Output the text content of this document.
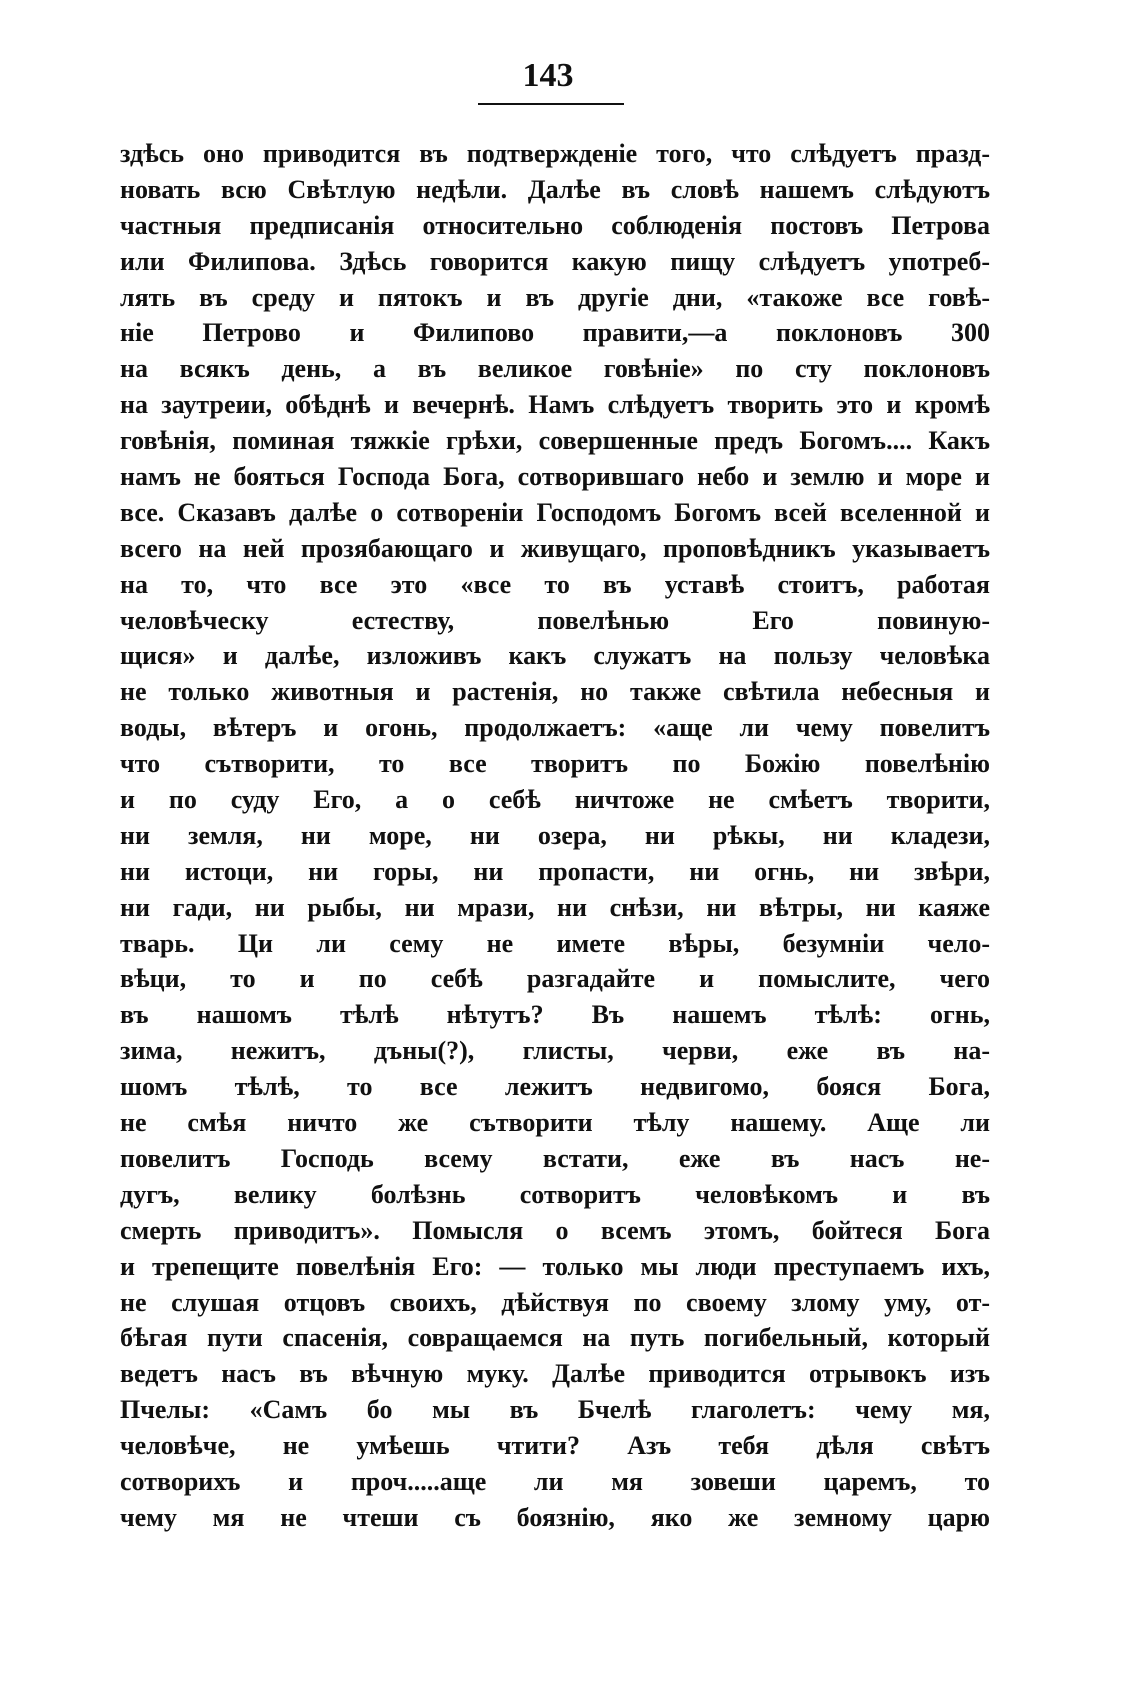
143
здѣсь оно приводится въ подтвержденіе того, что слѣдуетъ празд-
новать всю Свѣтлую недѣли. Далѣе въ словѣ нашемъ слѣдуютъ
частныя предписанія относительно соблюденія постовъ Петрова
или Филипова. Здѣсь говорится какую пищу слѣдуетъ употреб-
лять въ среду и пятокъ и въ другіе дни, «такоже все говѣ-
ніе Петрово и Филипово правити,—а поклоновъ 300
на всякъ день, а въ великое говѣніе» по сту поклоновъ
на заутреии, обѣднѣ и вечернѣ. Намъ слѣдуетъ творить это и кромѣ
говѣнія, поминая тяжкіе грѣхи, совершенные предъ Богомъ.... Какъ
намъ не бояться Господа Бога, сотворившаго небо и землю и море и
все. Сказавъ далѣе о сотвореніи Господомъ Богомъ всей вселенной и
всего на ней прозябающаго и живущаго, проповѣдникъ указываетъ
на то, что все это «все то въ уставѣ стоитъ, работая
человѣческу естеству, повелѣнью Его повиную-
щися» и далѣе, изложивъ какъ служатъ на пользу человѣка
не только животныя и растенія, но также свѣтила небесныя и
воды, вѣтеръ и огонь, продолжаетъ: «аще ли чему повелитъ
что сътворити, то все творитъ по Божію повелѣнію
и по суду Его, а о себѣ ничтоже не смѣетъ творити,
ни земля, ни море, ни озера, ни рѣкы, ни кладези,
ни истоци, ни горы, ни пропасти, ни огнь, ни звѣри,
ни гади, ни рыбы, ни мрази, ни снѣзи, ни вѣтры, ни каяже
тварь. Ци ли сему не имете вѣры, безумніи чело-
вѣци, то и по себѣ разгадайте и помыслите, чего
въ нашомъ тѣлѣ нѣтутъ? Въ нашемъ тѣлѣ: огнь,
зима, нежитъ, дъны(?), глисты, черви, еже въ на-
шомъ тѣлѣ, то все лежитъ недвигомо, бояся Бога,
не смѣя ничто же сътворити тѣлу нашему. Аще ли
повелитъ Господь всему встати, еже въ насъ не-
дугъ, велику болѣзнь сотворитъ человѣкомъ и въ
смерть приводитъ». Помысля о всемъ этомъ, бойтеся Бога
и трепещите повелѣнія Его: — только мы люди преступаемъ ихъ,
не слушая отцовъ своихъ, дѣйствуя по своему злому уму, от-
бѣгая пути спасенія, совращаемся на путь погибельный, который
ведетъ насъ въ вѣчную муку. Далѣе приводится отрывокъ изъ
Пчелы: «Самъ бо мы въ Бчелѣ глаголетъ: чему мя,
человѣче, не умѣешь чтити? Азъ тебя дѣля свѣтъ
сотворихъ и проч.....аще ли мя зовеши царемъ, то
чему мя не чтеши съ боязнію, яко же земному царю
